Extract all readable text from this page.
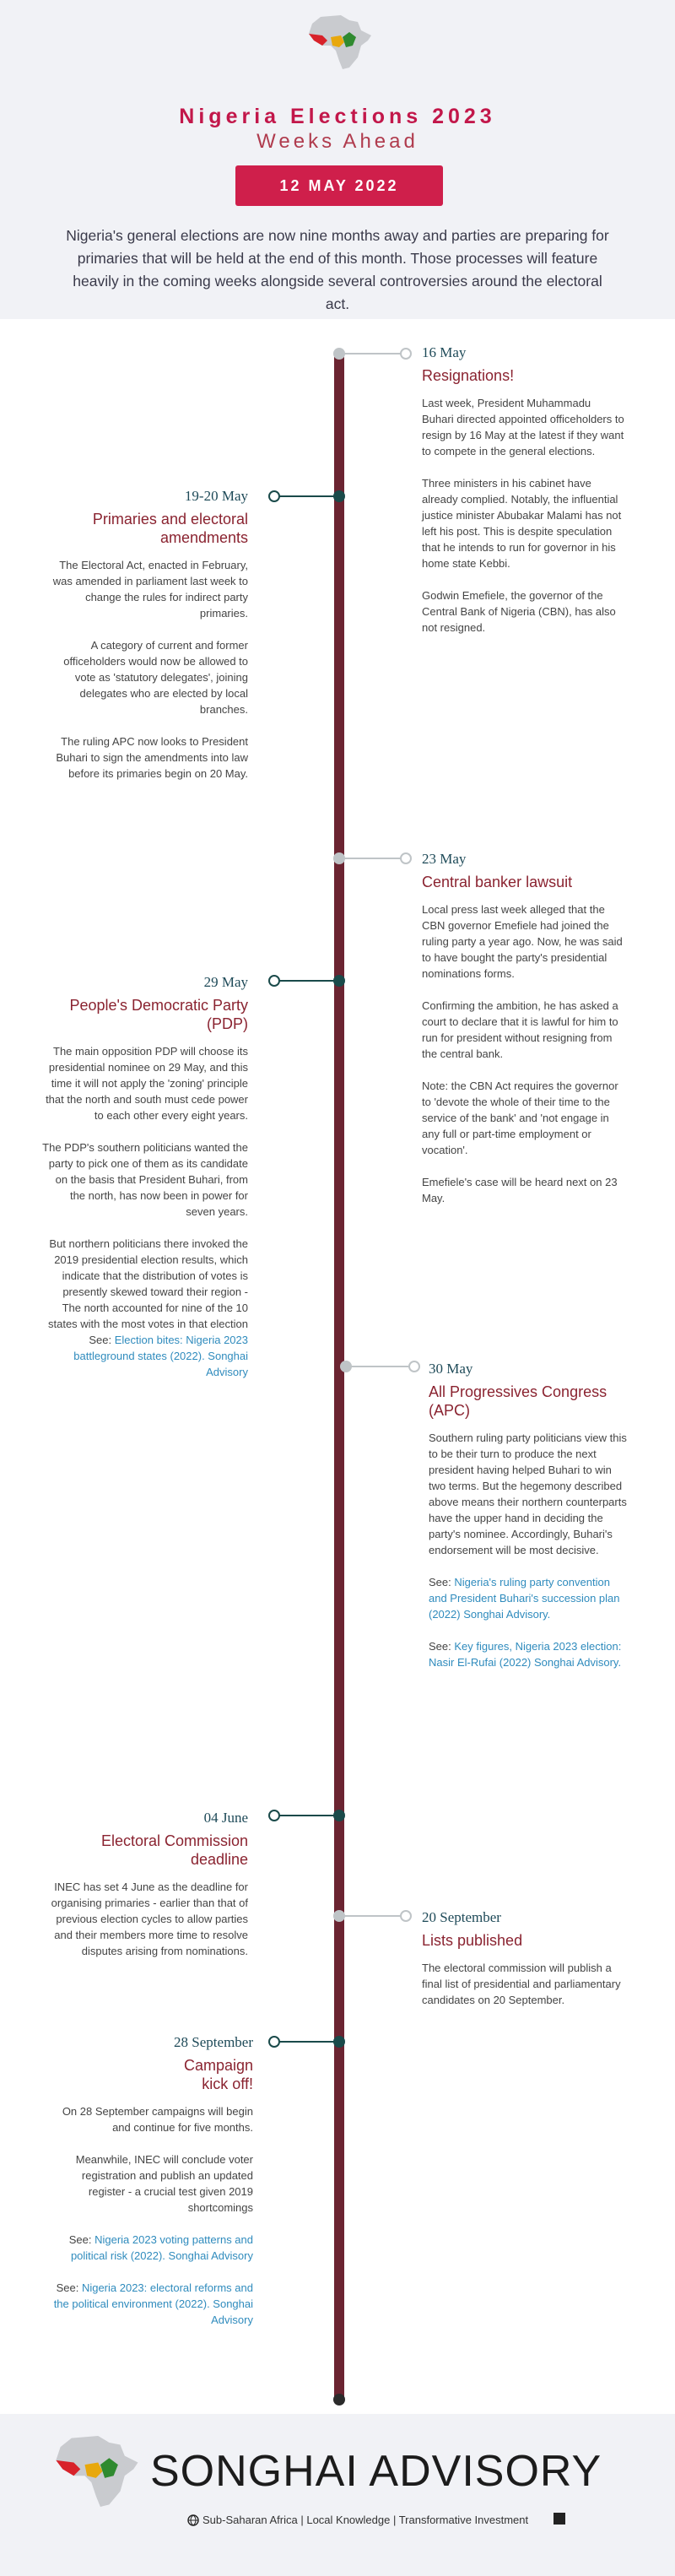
Nigeria Elections 2023
Weeks Ahead
12 MAY 2022
Nigeria's general elections are now nine months away and parties are preparing for primaries that will be held at the end of this month. Those processes will feature heavily in the coming weeks alongside several controversies around the electoral act.
16 May
Resignations!

Last week, President Muhammadu Buhari directed appointed officeholders to resign by 16 May at the latest if they want to compete in the general elections.

Three ministers in his cabinet have already complied. Notably, the influential justice minister Abubakar Malami has not left his post. This is despite speculation that he intends to run for governor in his home state Kebbi.

Godwin Emefiele, the governor of the Central Bank of Nigeria (CBN), has also not resigned.

19-20 May
Primaries and electoral amendments

The Electoral Act, enacted in February, was amended in parliament last week to change the rules for indirect party primaries.

A category of current and former officeholders would now be allowed to vote as 'statutory delegates', joining delegates who are elected by local branches.

The ruling APC now looks to President Buhari to sign the amendments into law before its primaries begin on 20 May.

23 May
Central banker lawsuit

Local press last week alleged that the CBN governor Emefiele had joined the ruling party a year ago. Now, he was said to have bought the party's presidential nominations forms.

Confirming the ambition, he has asked a court to declare that it is lawful for him to run for president without resigning from the central bank.

Note: the CBN Act requires the governor to 'devote the whole of their time to the service of the bank' and 'not engage in any full or part-time employment or vocation'.

Emefiele's case will be heard next on 23 May.

29 May
People's Democratic Party (PDP)

The main opposition PDP will choose its presidential nominee on 29 May, and this time it will not apply the 'zoning' principle that the north and south must cede power to each other every eight years.

The PDP's southern politicians wanted the party to pick one of them as its candidate on the basis that President Buhari, from the north, has now been in power for seven years.

But northern politicians there invoked the 2019 presidential election results, which indicate that the distribution of votes is presently skewed toward their region - The north accounted for nine of the 10 states with the most votes in that election

See: Election bites: Nigeria 2023 battleground states (2022). Songhai Advisory	30 May
All Progressives Congress (APC)

Southern ruling party politicians view this to be their turn to produce the next president having helped Buhari to win two terms. But the hegemony described above means their northern counterparts have the upper hand in deciding the party's nominee. Accordingly, Buhari's endorsement will be most decisive.

See: Nigeria's ruling party convention and President Buhari's succession plan (2022) Songhai Advisory.

See: Key figures, Nigeria 2023 election: Nasir El-Rufai (2022) Songhai Advisory.

04 June
Electoral Commission deadline

INEC has set 4 June as the deadline for organising primaries - earlier than that of previous election cycles to allow parties and their members more time to resolve disputes arising from nominations.

20 September
Lists published

The electoral commission will publish a final list of presidential and parliamentary candidates on 20 September.

28 September
Campaign kick off!

On 28 September campaigns will begin and continue for five months.

Meanwhile, INEC will conclude voter registration and publish an updated register - a crucial test given 2019 shortcomings

See: Nigeria 2023 voting patterns and political risk (2022). Songhai Advisory

See: Nigeria 2023: electoral reforms and the political environment (2022). Songhai Advisory

SONGHAI ADVISORY
Sub-Saharan Africa | Local Knowledge | Transformative Investment
